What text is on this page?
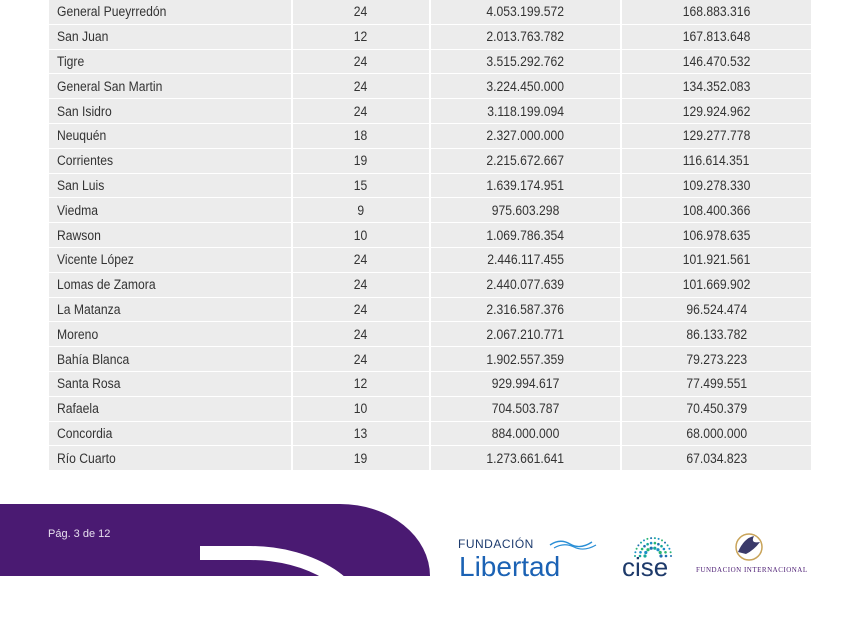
General Pueyrredón	24	4.053.199.572	168.883.316
San Juan	12	2.013.763.782	167.813.648
Tigre	24	3.515.292.762	146.470.532
General San Martin	24	3.224.450.000	134.352.083
San Isidro	24	3.118.199.094	129.924.962
Neuquén	18	2.327.000.000	129.277.778
Corrientes	19	2.215.672.667	116.614.351
San Luis	15	1.639.174.951	109.278.330
Viedma	9	975.603.298	108.400.366
Rawson	10	1.069.786.354	106.978.635
Vicente López	24	2.446.117.455	101.921.561
Lomas de Zamora	24	2.440.077.639	101.669.902
La Matanza	24	2.316.587.376	96.524.474
Moreno	24	2.067.210.771	86.133.782
Bahía Blanca	24	1.902.557.359	79.273.223
Santa Rosa	12	929.994.617	77.499.551
Rafaela	10	704.503.787	70.450.379
Concordia	13	884.000.000	68.000.000
Río Cuarto	19	1.273.661.641	67.034.823
Pág. 3 de 12
FUNDACIÓN
Libertad cise	FUNDACION INTERNACIONAL
